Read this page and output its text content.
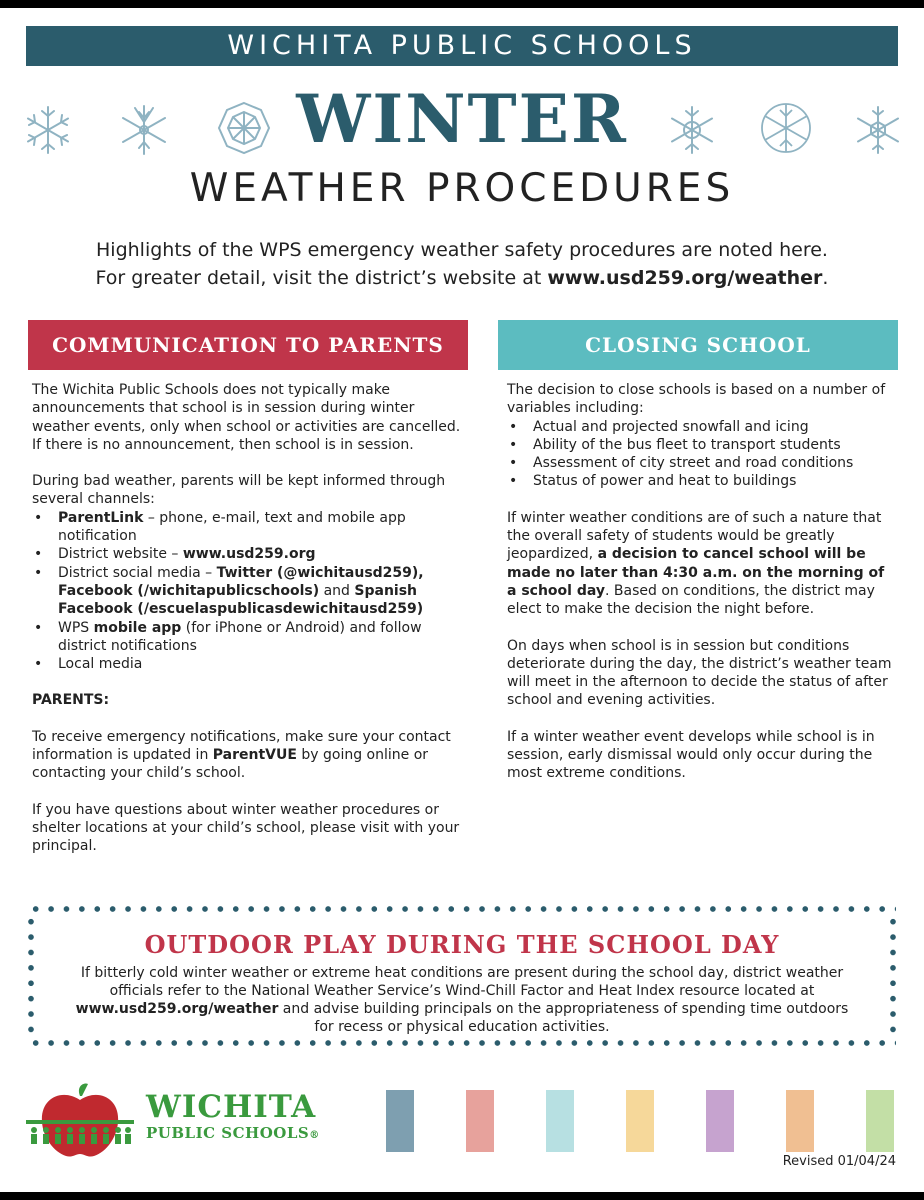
WICHITA PUBLIC SCHOOLS
WINTER
WEATHER PROCEDURES
Highlights of the WPS emergency weather safety procedures are noted here.
For greater detail, visit the district’s website at www.usd259.org/weather.
COMMUNICATION TO PARENTS	CLOSING SCHOOL

The Wichita Public Schools does not typically make announcements that school is in session during winter weather events, only when school or activities are cancelled. If there is no announcement, then school is in session.

During bad weather, parents will be kept informed through several channels:

• ParentLink – phone, e-mail, text and mobile app notification
• District website – www.usd259.org
• District social media – Twitter (@wichitausd259), Facebook (/wichitapublicschools) and Spanish Facebook (/escuelaspublicasdewichitausd259)
• WPS mobile app (for iPhone or Android) and follow district notifications
• Local media

PARENTS:

To receive emergency notifications, make sure your contact information is updated in ParentVUE by going online or contacting your child’s school.

If you have questions about winter weather procedures or shelter locations at your child’s school, please visit with your principal.

The decision to close schools is based on a number of variables including:

• Actual and projected snowfall and icing
• Ability of the bus fleet to transport students
• Assessment of city street and road conditions
• Status of power and heat to buildings

If winter weather conditions are of such a nature that the overall safety of students would be greatly jeopardized, a decision to cancel school will be made no later than 4:30 a.m. on the morning of a school day. Based on conditions, the district may elect to make the decision the night before.

On days when school is in session but conditions deteriorate during the day, the district’s weather team will meet in the afternoon to decide the status of after school and evening activities.

If a winter weather event develops while school is in session, early dismissal would only occur during the most extreme conditions.

OUTDOOR PLAY DURING THE SCHOOL DAY
If bitterly cold winter weather or extreme heat conditions are present during the school day, district weather officials refer to the National Weather Service’s Wind-Chill Factor and Heat Index resource located at www.usd259.org/weather and advise building principals on the appropriateness of spending time outdoors for recess or physical education activities.
WICHITA
PUBLIC SCHOOLS®
Revised 01/04/24
